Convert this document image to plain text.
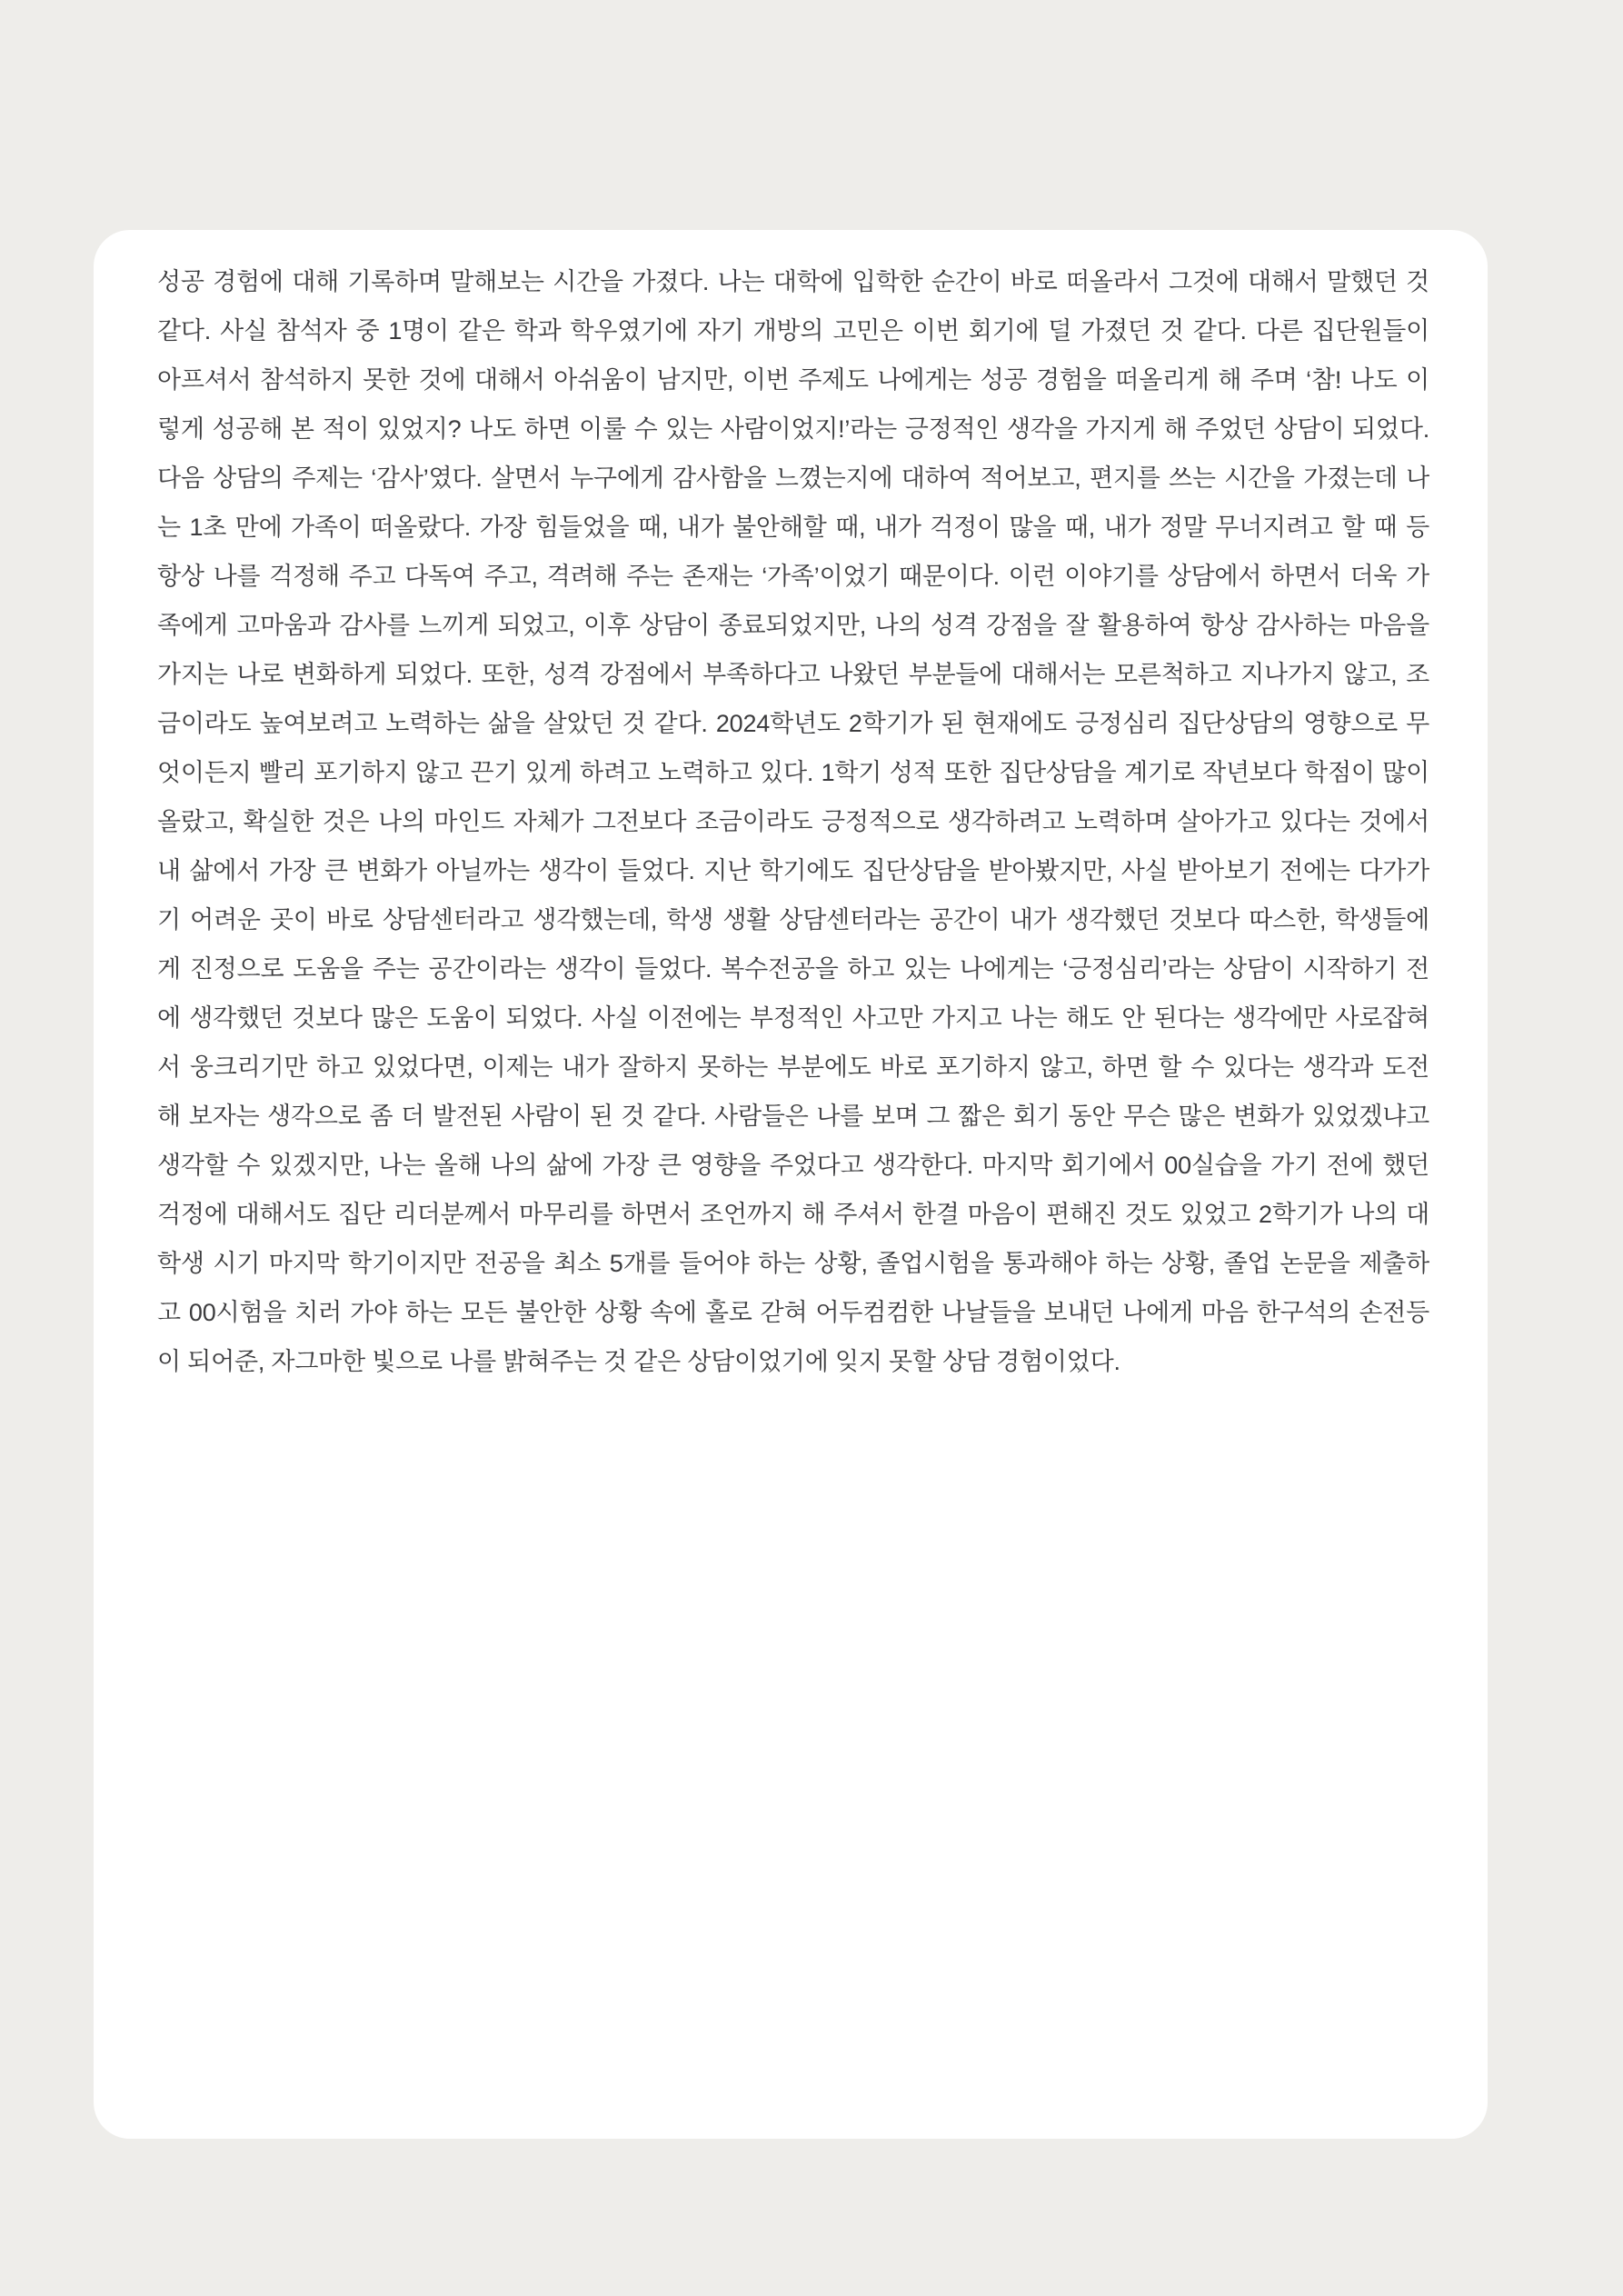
성공 경험에 대해 기록하며 말해보는 시간을 가졌다. 나는 대학에 입학한 순간이 바로 떠올라서 그것에 대해서 말했던 것
같다. 사실 참석자 중 1명이 같은 학과 학우였기에 자기 개방의 고민은 이번 회기에 덜 가졌던 것 같다. 다른 집단원들이
아프셔서 참석하지 못한 것에 대해서 아쉬움이 남지만, 이번 주제도 나에게는 성공 경험을 떠올리게 해 주며 ‘참! 나도 이
렇게 성공해 본 적이 있었지? 나도 하면 이룰 수 있는 사람이었지!’라는 긍정적인 생각을 가지게 해 주었던 상담이 되었다.
다음 상담의 주제는 ‘감사’였다. 살면서 누구에게 감사함을 느꼈는지에 대하여 적어보고, 편지를 쓰는 시간을 가졌는데 나
는 1초 만에 가족이 떠올랐다. 가장 힘들었을 때, 내가 불안해할 때, 내가 걱정이 많을 때, 내가 정말 무너지려고 할 때 등
항상 나를 걱정해 주고 다독여 주고, 격려해 주는 존재는 ‘가족’이었기 때문이다. 이런 이야기를 상담에서 하면서 더욱 가
족에게 고마움과 감사를 느끼게 되었고, 이후 상담이 종료되었지만, 나의 성격 강점을 잘 활용하여 항상 감사하는 마음을
가지는 나로 변화하게 되었다. 또한, 성격 강점에서 부족하다고 나왔던 부분들에 대해서는 모른척하고 지나가지 않고, 조
금이라도 높여보려고 노력하는 삶을 살았던 것 같다. 2024학년도 2학기가 된 현재에도 긍정심리 집단상담의 영향으로 무
엇이든지 빨리 포기하지 않고 끈기 있게 하려고 노력하고 있다. 1학기 성적 또한 집단상담을 계기로 작년보다 학점이 많이
올랐고, 확실한 것은 나의 마인드 자체가 그전보다 조금이라도 긍정적으로 생각하려고 노력하며 살아가고 있다는 것에서
내 삶에서 가장 큰 변화가 아닐까는 생각이 들었다. 지난 학기에도 집단상담을 받아봤지만, 사실 받아보기 전에는 다가가
기 어려운 곳이 바로 상담센터라고 생각했는데, 학생 생활 상담센터라는 공간이 내가 생각했던 것보다 따스한, 학생들에
게 진정으로 도움을 주는 공간이라는 생각이 들었다. 복수전공을 하고 있는 나에게는 ‘긍정심리’라는 상담이 시작하기 전
에 생각했던 것보다 많은 도움이 되었다. 사실 이전에는 부정적인 사고만 가지고 나는 해도 안 된다는 생각에만 사로잡혀
서 웅크리기만 하고 있었다면, 이제는 내가 잘하지 못하는 부분에도 바로 포기하지 않고, 하면 할 수 있다는 생각과 도전
해 보자는 생각으로 좀 더 발전된 사람이 된 것 같다. 사람들은 나를 보며 그 짧은 회기 동안 무슨 많은 변화가 있었겠냐고
생각할 수 있겠지만, 나는 올해 나의 삶에 가장 큰 영향을 주었다고 생각한다. 마지막 회기에서 00실습을 가기 전에 했던
걱정에 대해서도 집단 리더분께서 마무리를 하면서 조언까지 해 주셔서 한결 마음이 편해진 것도 있었고 2학기가 나의 대
학생 시기 마지막 학기이지만 전공을 최소 5개를 들어야 하는 상황, 졸업시험을 통과해야 하는 상황, 졸업 논문을 제출하
고 00시험을 치러 가야 하는 모든 불안한 상황 속에 홀로 갇혀 어두컴컴한 나날들을 보내던 나에게 마음 한구석의 손전등
이 되어준, 자그마한 빛으로 나를 밝혀주는 것 같은 상담이었기에 잊지 못할 상담 경험이었다.
